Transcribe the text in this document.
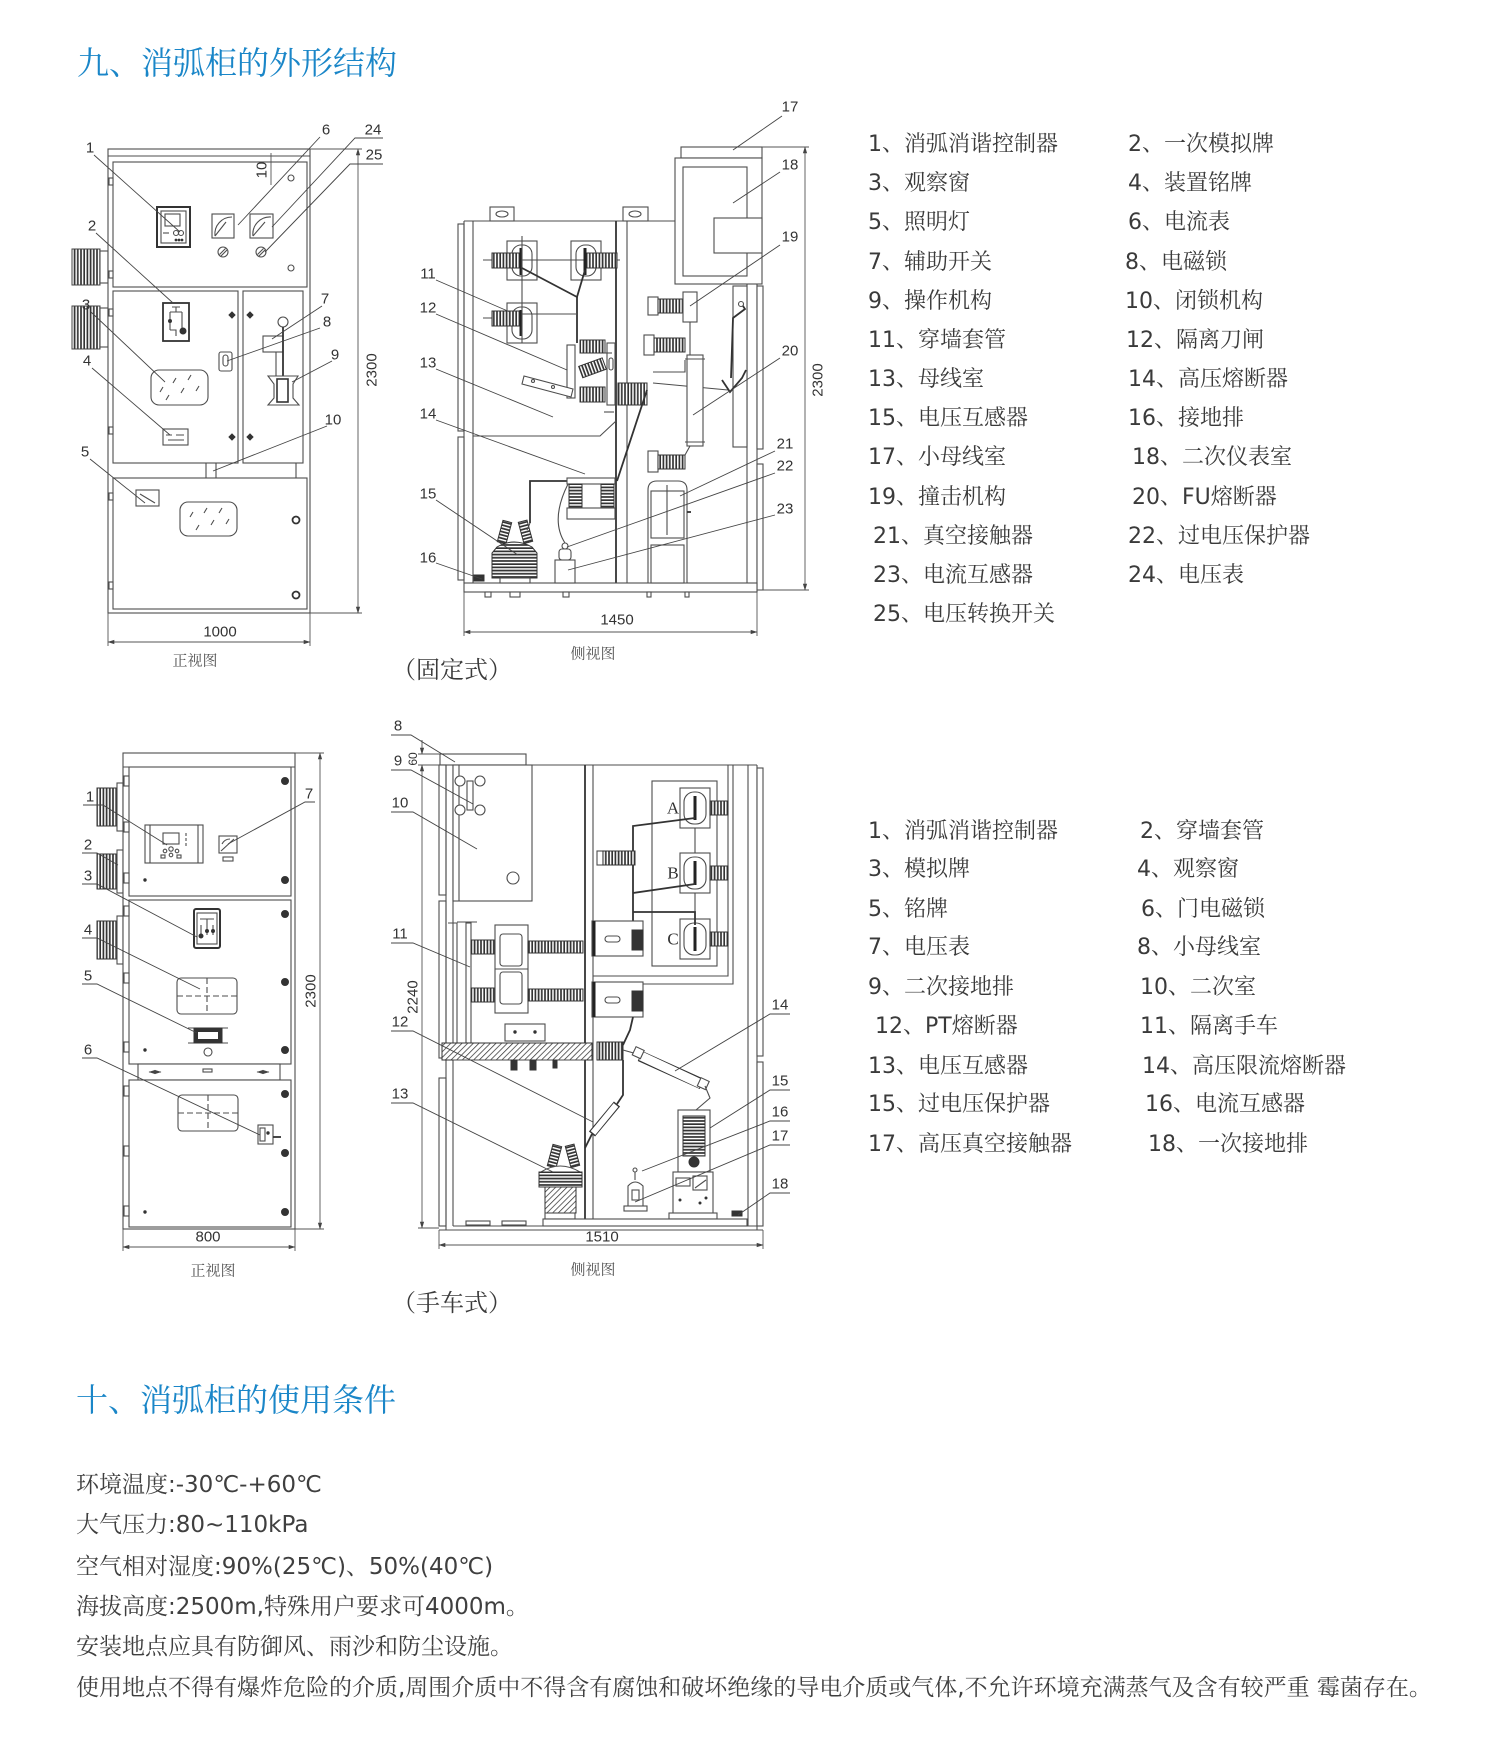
九、消弧柜的外形结构
10
2300
1000
正视图
1
2
3
4
5
6 24
25
7
8
9
10
2300
1450
侧视图
11
12
13
14
15
16
17
18
19
20
21
22
23
2300
800
正视图
1
2
3
4
5
6
7
A
B
C
60
2240
1510
侧视图
8
9
10
11
12
13
14
15
16
17
18
（固定式）
（手车式）
1、消弧消谐控制器	2、一次模拟牌
3、观察窗	4、装置铭牌
5、照明灯	6、电流表
7、辅助开关	8、电磁锁
9、操作机构	10、闭锁机构
11、穿墙套管	12、隔离刀闸
13、母线室	14、高压熔断器
15、电压互感器	16、接地排
17、小母线室	18、二次仪表室
19、撞击机构	20、FU熔断器
21、真空接触器	22、过电压保护器
23、电流互感器	24、电压表
25、电压转换开关
1、消弧消谐控制器	2、穿墙套管
3、模拟牌	4、观察窗
5、铭牌	6、门电磁锁
7、电压表	8、小母线室
9、二次接地排	10、二次室
12、PT熔断器	11、隔离手车
13、电压互感器	14、高压限流熔断器
15、过电压保护器	16、电流互感器
17、高压真空接触器	18、一次接地排
十、消弧柜的使用条件
环境温度:-30℃-+60℃
大气压力:80~110kPa
空气相对湿度:90%(25℃)、50%(40℃)
海拔高度:2500m,特殊用户要求可4000m。
安装地点应具有防御风、雨沙和防尘设施。
使用地点不得有爆炸危险的介质,周围介质中不得含有腐蚀和破坏绝缘的导电介质或气体,不允许环境充满蒸气及含有较严重 霉菌存在。
